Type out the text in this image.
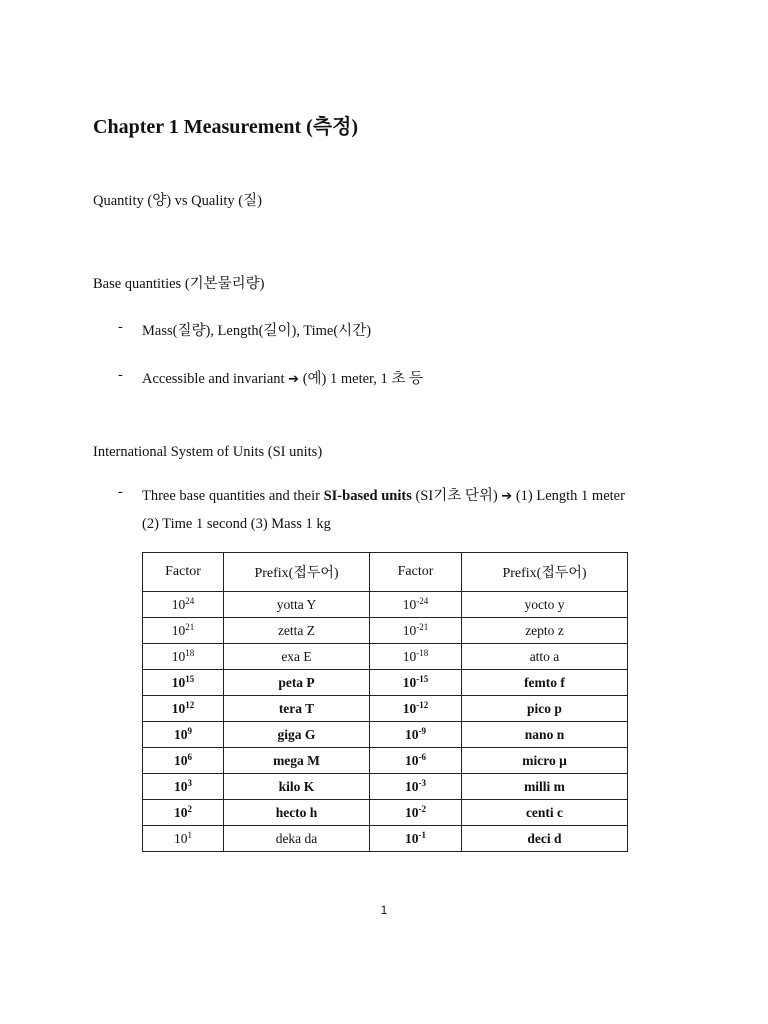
Chapter 1 Measurement (측정)
Quantity (양) vs Quality (질)
Base quantities (기본물리량)
- Mass(질량), Length(길이), Time(시간)
- Accessible and invariant ➔ (예) 1 meter, 1 초 등
International System of Units (SI units)
- Three base quantities and their SI-based units (SI기초 단위) ➔ (1) Length 1 meter
(2) Time 1 second (3) Mass 1 kg
Factor	Prefix(접두어)	Factor	Prefix(접두어)
$10^{24}$	yotta Y	$10^{-24}$	yocto y
$10^{21}$	zetta Z	$10^{-21}$	zepto z
$10^{18}$	exa E	$10^{-18}$	atto a
$10^{15}$	peta P	$10^{-15}$	femto f
$10^{12}$	tera T	$10^{-12}$	pico p
$10^9$	giga G	$10^{-9}$	nano n
$10^6$	mega M	$10^{-6}$	micro μ
$10^3$	kilo K	$10^{-3}$	milli m
$10^2$	hecto h	$10^{-2}$	centi c
$10^1$	deka da	$10^{-1}$	deci d
1
